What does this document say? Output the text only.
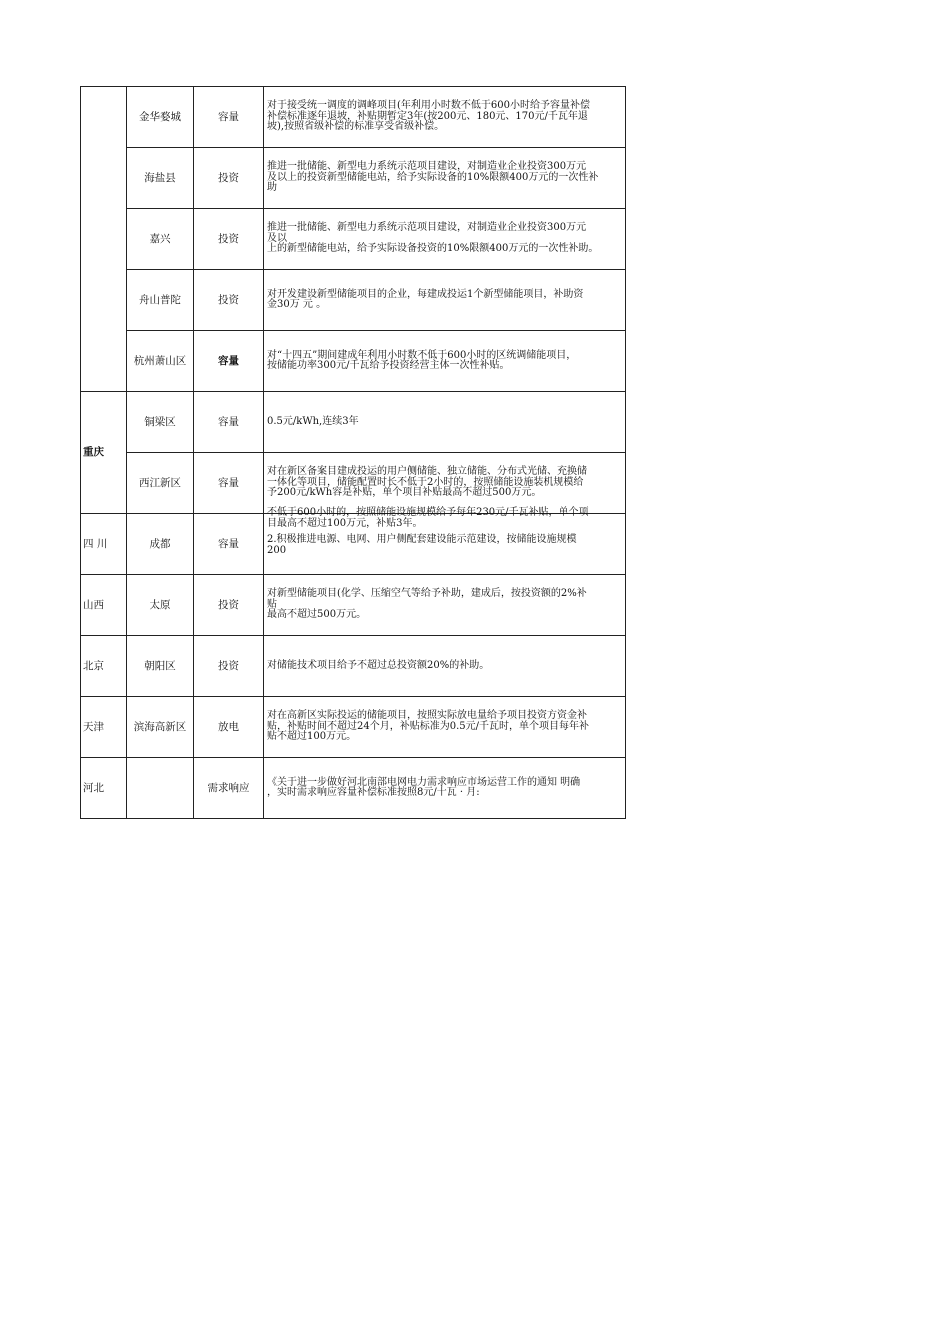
	金华婺城	容量	对于接受统一调度的调峰项目(年利用小时数不低于600小时给予容量补偿
补偿标准逐年退坡，补贴期暂定3年(按200元、180元、170元/千瓦年退
坡),按照省级补偿的标准享受省级补偿。

	海盐县	投资	推进一批储能、新型电力系统示范项目建设，对制造业企业投资300万元
及以上的投资新型储能电站，给予实际设备的10%限额400万元的一次性补
助

	嘉兴	投资	推进一批储能、新型电力系统示范项目建设，对制造业企业投资300万元
及以
上的新型储能电站，给予实际设备投资的10%限额400万元的一次性补助。

	舟山普陀	投资	对开发建设新型储能项目的企业，每建成投运1个新型储能项目，补助资
金30万 元 。

	杭州萧山区	容量	对“十四五”期间建成年利用小时数不低于600小时的区统调储能项目，
按储能功率300元/千瓦给予投资经营主体一次性补贴。

重庆	铜梁区	容量	0.5元/kWh,连续3年

	西江新区	容量	对在新区备案目建成投运的用户侧储能、独立储能、分布式光储、充换储
一体化等项目，储能配置时长不低于2小时的，按照储能设施装机规模给
予200元/kWh容是补贴，单个项目补贴最高不超过500万元。

四 川	成都	容量	不低于600小时的，按照储能设施规模给予每年230元/千瓦补贴，单个项
目最高不超过100万元，补贴3年。
2.积极推进电源、电网、用户侧配套建设能示范建设，按储能设施规模
200

山西	太原	投资	对新型储能项目(化学、压缩空气等给予补助，建成后，按投资额的2%补
贴
最高不超过500万元。

北京	朝阳区	投资	对储能技术项目给予不超过总投资额20%的补助。

天津	滨海高新区	放电	对在高新区实际投运的储能项目，按照实际放电量给予项目投资方资金补
贴，补贴时间不超过24个月，补贴标准为0.5元/千瓦时，单个项目每年补
贴不超过100万元。

河北		需求响应	《关于进一步做好河北南部电网电力需求响应市场运营工作的通知 明确
，实时需求响应容量补偿标准按照8元/十瓦 · 月:
